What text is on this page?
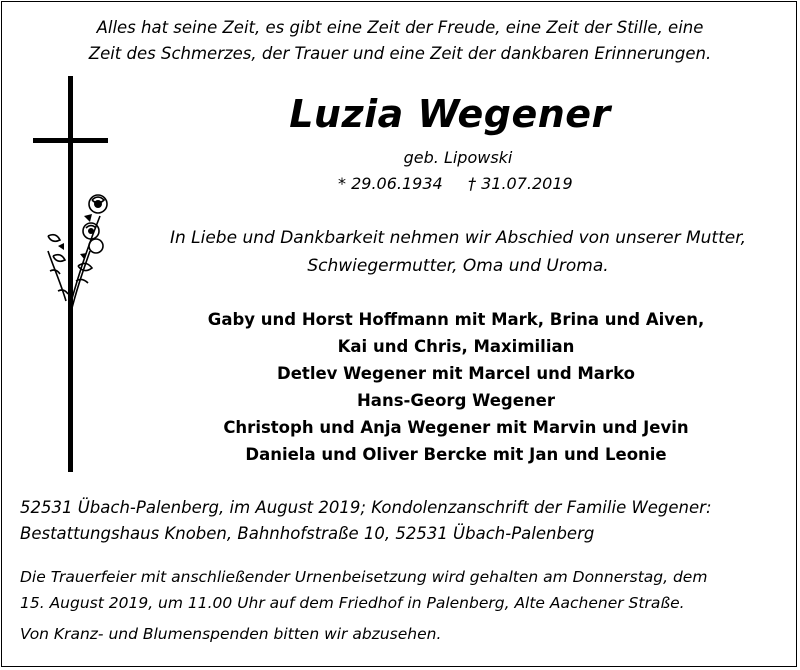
Alles hat seine Zeit, es gibt eine Zeit der Freude, eine Zeit der Stille, eine
Zeit des Schmerzes, der Trauer und eine Zeit der dankbaren Erinnerungen.
Luzia Wegener
geb. Lipowski
* 29.06.1934 † 31.07.2019
In Liebe und Dankbarkeit nehmen wir Abschied von unserer Mutter,
Schwiegermutter, Oma und Uroma.
Gaby und Horst Hoffmann mit Mark, Brina und Aiven,
Kai und Chris, Maximilian
Detlev Wegener mit Marcel und Marko
Hans-Georg Wegener
Christoph und Anja Wegener mit Marvin und Jevin
Daniela und Oliver Bercke mit Jan und Leonie
52531 Übach-Palenberg, im August 2019; Kondolenzanschrift der Familie Wegener:
Bestattungshaus Knoben, Bahnhofstraße 10, 52531 Übach-Palenberg
Die Trauerfeier mit anschließender Urnenbeisetzung wird gehalten am Donnerstag, dem
15. August 2019, um 11.00 Uhr auf dem Friedhof in Palenberg, Alte Aachener Straße.
Von Kranz- und Blumenspenden bitten wir abzusehen.
